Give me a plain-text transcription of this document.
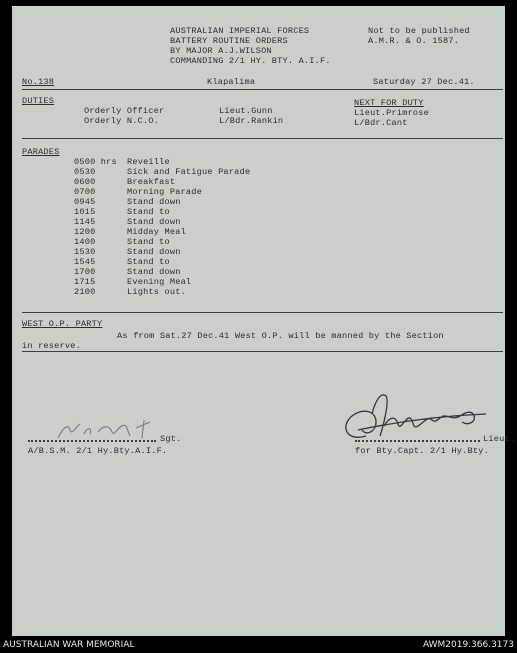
AUSTRALIAN IMPERIAL FORCES
BATTERY ROUTINE ORDERS
BY MAJOR A.J.WILSON
COMMANDING 2/1 HY. BTY. A.I.F.
Not to be published
A.M.R. & O. 1587.
No.138	Klapalima	Saturday 27 Dec.41.
DUTIES
Orderly Officer	Lieut.Gunn
Orderly N.C.O.	L/Bdr.Rankin
NEXT FOR DUTY
Lieut.Primrose
L/Bdr.Cant
PARADES
0500 hrs Reveille
0530	Sick and Fatigue Parade
0600	Breakfast
0700	Morning Parade
0945	Stand down
1015	Stand to
1145	Stand down
1200	Midday Meal
1400	Stand to
1530	Stand down
1545	Stand to
1700	Stand down
1715	Evening Meal
2100	Lights out.
WEST O.P. PARTY
As from Sat.27 Dec.41 West O.P. will be manned by the Section
in reserve.
Sgt.
A/B.S.M. 2/1 Hy.Bty.A.I.F.
Lieut.
for Bty.Capt. 2/1 Hy.Bty.
AUSTRALIAN WAR MEMORIAL	AWM2019.366.3173
